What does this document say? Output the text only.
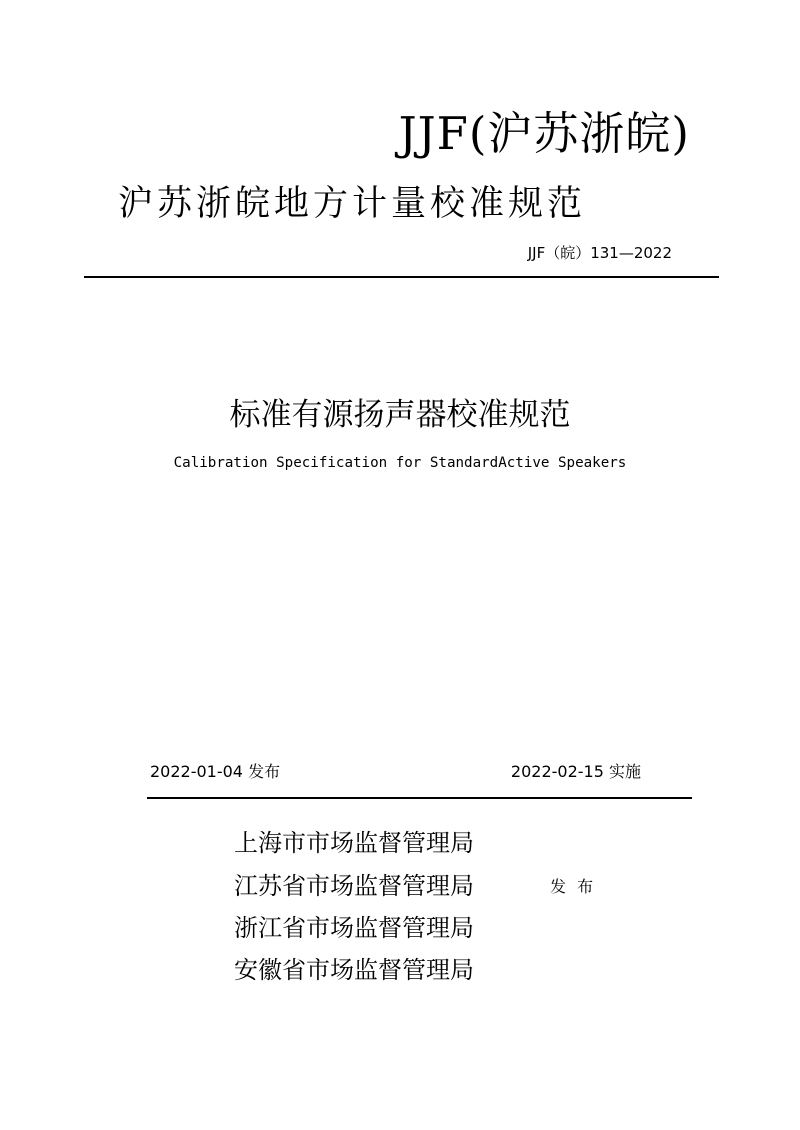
JJF(沪苏浙皖)
沪苏浙皖地方计量校准规范
JJF（皖）131—2022
标准有源扬声器校准规范
Calibration Specification for StandardActive Speakers
2022-01-04 发布	2022-02-15 实施
上海市市场监督管理局
江苏省市场监督管理局
浙江省市场监督管理局
安徽省市场监督管理局
发 布
